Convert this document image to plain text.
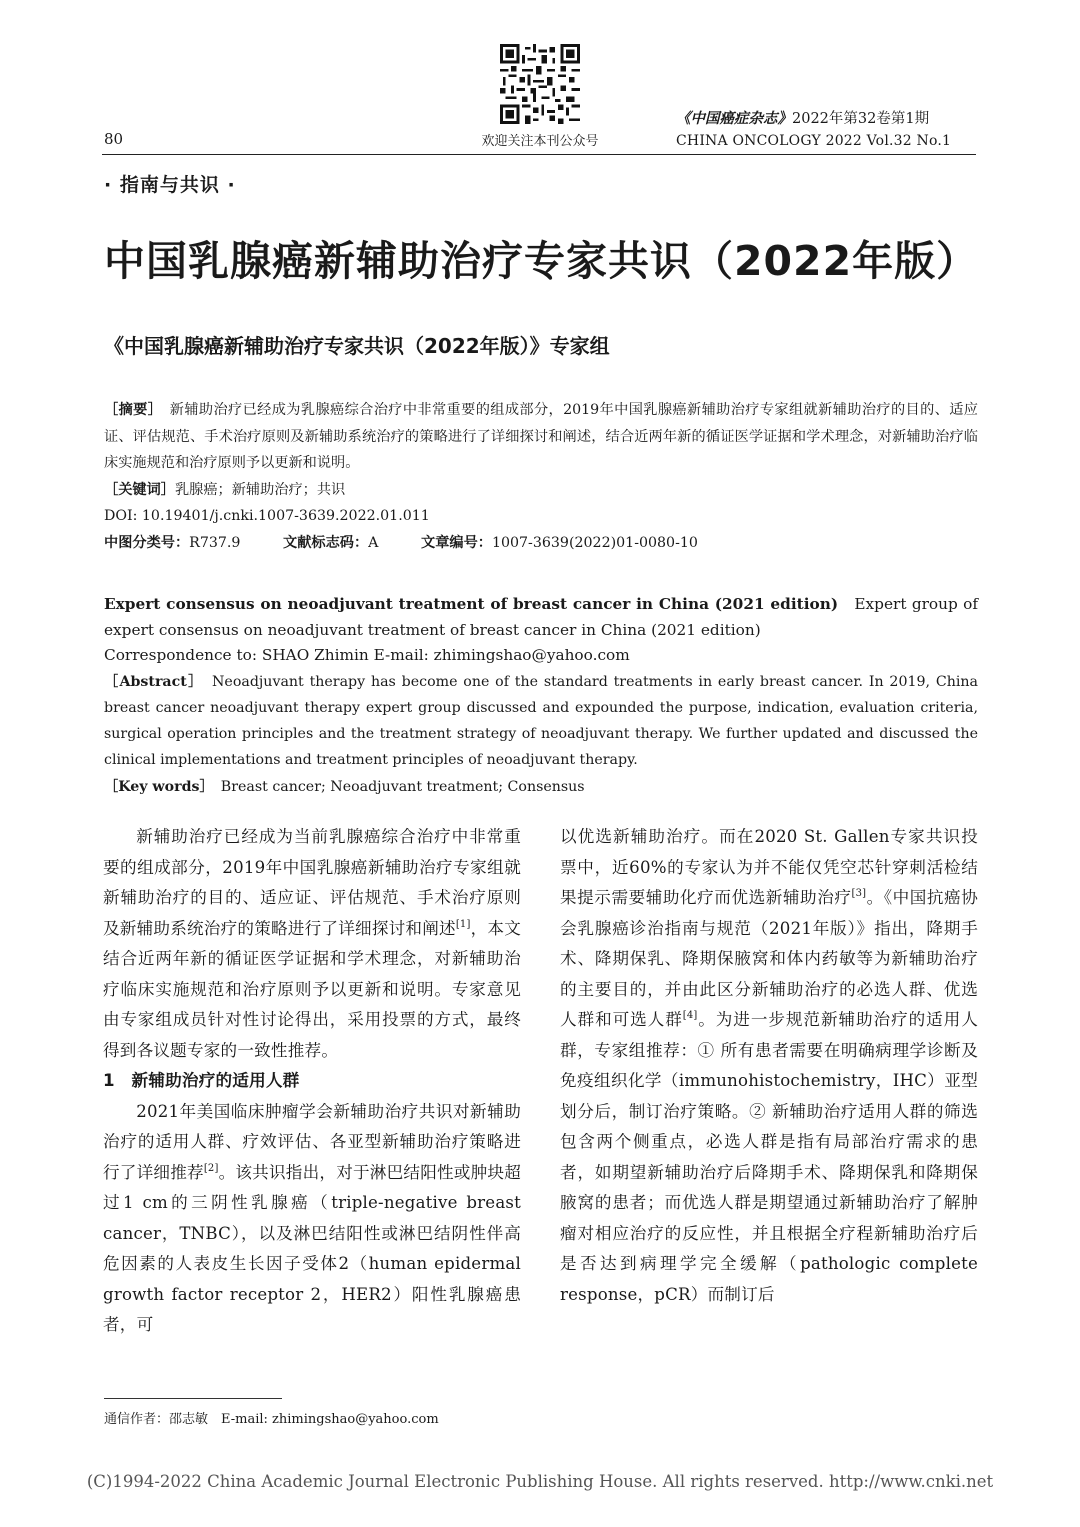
欢迎关注本刊公众号
80
《中国癌症杂志》2022年第32卷第1期
CHINA ONCOLOGY 2022 Vol.32 No.1
· 指南与共识 ·
中国乳腺癌新辅助治疗专家共识（2022年版）
《中国乳腺癌新辅助治疗专家共识（2022年版）》专家组

［摘要］　 新辅助治疗已经成为乳腺癌综合治疗中非常重要的组成部分，2019年中国乳腺癌新辅助治疗专家组就新辅助治疗的目的、适应证、评估规范、手术治疗原则及新辅助系统治疗的策略进行了详细探讨和阐述，结合近两年新的循证医学证据和学术理念，对新辅助治疗临床实施规范和治疗原则予以更新和说明。

［关键词］乳腺癌；新辅助治疗；共识

DOI: 10.19401/j.cnki.1007-3639.2022.01.011

中图分类号：R737.9　　　	文献标志码：A　　　	文章编号：1007-3639(2022)01-0080-10

Expert consensus on neoadjuvant treatment of breast cancer in China (2021 edition)　 Expert group of expert consensus on neoadjuvant treatment of breast cancer in China (2021 edition)

Correspondence to: SHAO Zhimin E-mail: zhimingshao@yahoo.com

［Abstract］　 Neoadjuvant therapy has become one of the standard treatments in early breast cancer. In 2019, China breast cancer neoadjuvant therapy expert group discussed and expounded the purpose, indication, evaluation criteria, surgical operation principles and the treatment strategy of neoadjuvant therapy. We further updated and discussed the clinical implementations and treatment principles of neoadjuvant therapy.

［Key words］　 Breast cancer; Neoadjuvant treatment; Consensus

新辅助治疗已经成为当前乳腺癌综合治疗中非常重要的组成部分，2019年中国乳腺癌新辅助治疗专家组就新辅助治疗的目的、适应证、评估规范、手术治疗原则及新辅助系统治疗的策略进行了详细探讨和阐述[1]，本文结合近两年新的循证医学证据和学术理念，对新辅助治疗临床实施规范和治疗原则予以更新和说明。专家意见由专家组成员针对性讨论得出，采用投票的方式，最终得到各议题专家的一致性推荐。

1　新辅助治疗的适用人群

2021年美国临床肿瘤学会新辅助治疗共识对新辅助治疗的适用人群、疗效评估、各亚型新辅助治疗策略进行了详细推荐[2]。该共识指出，对于淋巴结阳性或肿块超过1 cm的三阴性乳腺癌（triple-negative breast cancer，TNBC），以及淋巴结阳性或淋巴结阴性伴高危因素的人表皮生长因子受体2（human epidermal growth factor receptor 2，HER2）阳性乳腺癌患者，可

以优选新辅助治疗。而在2020 St. Gallen专家共识投票中，近60%的专家认为并不能仅凭空芯针穿刺活检结果提示需要辅助化疗而优选新辅助治疗[3]。《中国抗癌协会乳腺癌诊治指南与规范（2021年版）》指出，降期手术、降期保乳、降期保腋窝和体内药敏等为新辅助治疗的主要目的，并由此区分新辅助治疗的必选人群、优选人群和可选人群[4]。为进一步规范新辅助治疗的适用人群，专家组推荐：① 所有患者需要在明确病理学诊断及免疫组织化学（immunohistochemistry，IHC）亚型划分后，制订治疗策略。② 新辅助治疗适用人群的筛选包含两个侧重点，必选人群是指有局部治疗需求的患者，如期望新辅助治疗后降期手术、降期保乳和降期保腋窝的患者；而优选人群是期望通过新辅助治疗了解肿瘤对相应治疗的反应性，并且根据全疗程新辅助治疗后是否达到病理学完全缓解（pathologic complete response，pCR）而制订后

通信作者：邵志敏　E-mail: zhimingshao@yahoo.com
(C)1994-2022 China Academic Journal Electronic Publishing House. All rights reserved. http://www.cnki.net
